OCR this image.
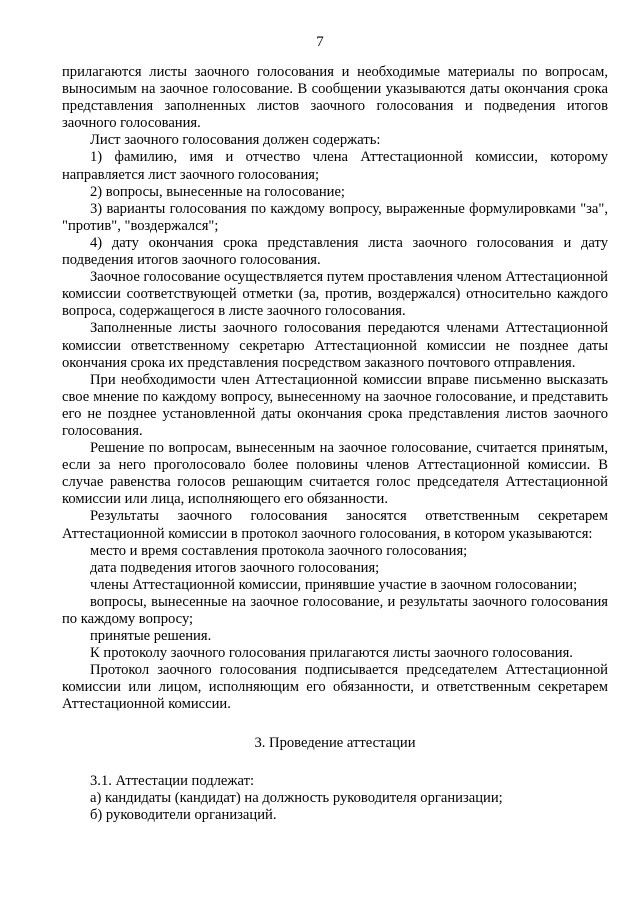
7

прилагаются листы заочного голосования и необходимые материалы по вопросам, выносимым на заочное голосование. В сообщении указываются даты окончания срока представления заполненных листов заочного голосования и подведения итогов заочного голосования.

Лист заочного голосования должен содержать:

1) фамилию, имя и отчество члена Аттестационной комиссии, которому направляется лист заочного голосования;

2) вопросы, вынесенные на голосование;

3) варианты голосования по каждому вопросу, выраженные формулировками "за", "против", "воздержался";

4) дату окончания срока представления листа заочного голосования и дату подведения итогов заочного голосования.

Заочное голосование осуществляется путем проставления членом Аттестационной комиссии соответствующей отметки (за, против, воздержался) относительно каждого вопроса, содержащегося в листе заочного голосования.

Заполненные листы заочного голосования передаются членами Аттестационной комиссии ответственному секретарю Аттестационной комиссии не позднее даты окончания срока их представления посредством заказного почтового отправления.

При необходимости член Аттестационной комиссии вправе письменно высказать свое мнение по каждому вопросу, вынесенному на заочное голосование, и представить его не позднее установленной даты окончания срока представления листов заочного голосования.

Решение по вопросам, вынесенным на заочное голосование, считается принятым, если за него проголосовало более половины членов Аттестационной комиссии. В случае равенства голосов решающим считается голос председателя Аттестационной комиссии или лица, исполняющего его обязанности.

Результаты заочного голосования заносятся ответственным секретарем Аттестационной комиссии в протокол заочного голосования, в котором указываются:

место и время составления протокола заочного голосования;

дата подведения итогов заочного голосования;

члены Аттестационной комиссии, принявшие участие в заочном голосовании;

вопросы, вынесенные на заочное голосование, и результаты заочного голосования по каждому вопросу;

принятые решения.

К протоколу заочного голосования прилагаются листы заочного голосования.

Протокол заочного голосования подписывается председателем Аттестационной комиссии или лицом, исполняющим его обязанности, и ответственным секретарем Аттестационной комиссии.

3. Проведение аттестации

3.1. Аттестации подлежат:

а) кандидаты (кандидат) на должность руководителя организации;

б) руководители организаций.
